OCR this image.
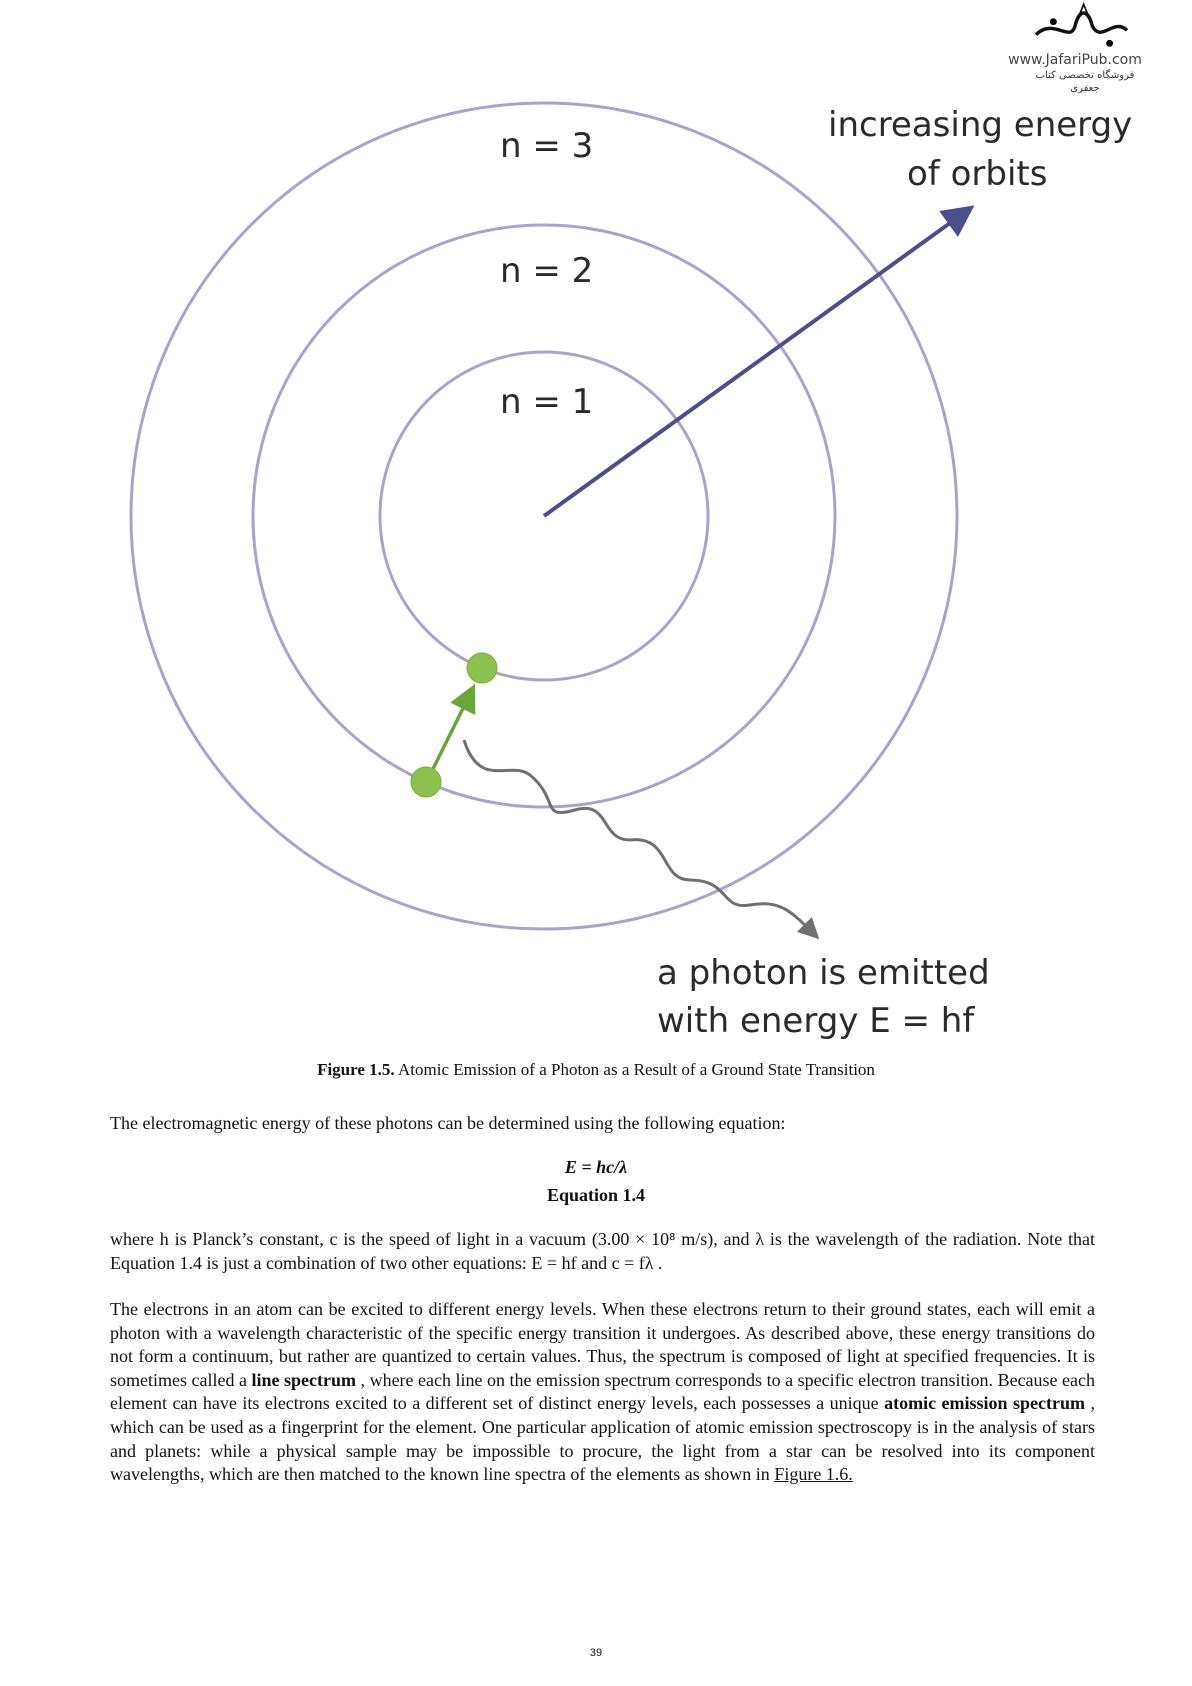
n = 3
n = 2
n = 1
increasing energy
of orbits
a photon is emitted
with energy E = hf
www.JafariPub.com
فروشگاه تخصصی کتاب جعفری
Figure 1.5. Atomic Emission of a Photon as a Result of a Ground State Transition
The electromagnetic energy of these photons can be determined using the following equation:
E = hc/λ
Equation 1.4
where h is Planck’s constant, c is the speed of light in a vacuum (3.00 × 10⁸ m/s), and λ is the wavelength of the radiation. Note that Equation 1.4 is just a combination of two other equations: E = hf and c = fλ .
The electrons in an atom can be excited to different energy levels. When these electrons return to their ground states, each will emit a photon with a wavelength characteristic of the specific energy transition it undergoes. As described above, these energy transitions do not form a continuum, but rather are quantized to certain values. Thus, the spectrum is composed of light at specified frequencies. It is sometimes called a line spectrum , where each line on the emission spectrum corresponds to a specific electron transition. Because each element can have its electrons excited to a different set of distinct energy levels, each possesses a unique atomic emission spectrum , which can be used as a fingerprint for the element. One particular application of atomic emission spectroscopy is in the analysis of stars and planets: while a physical sample may be impossible to procure, the light from a star can be resolved into its component wavelengths, which are then matched to the known line spectra of the elements as shown in Figure 1.6.
39
